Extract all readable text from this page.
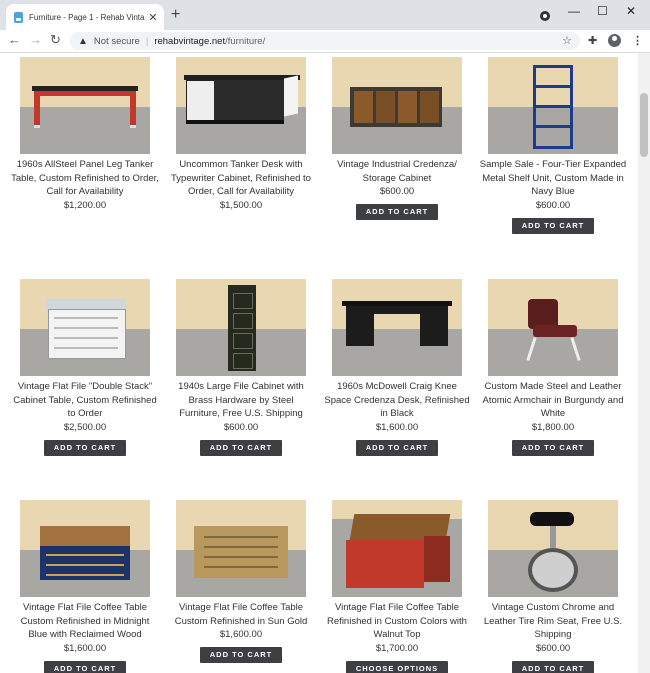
Furniture - Page 1 - Rehab Vinta ✕ +	— ☐ ✕
← → ↻ ▲ Not secure | rehabvintage.net /furniture/	☆ ✚	⋮
1960s AllSteel Panel Leg Tanker Table, Custom Refinished to Order, Call for Availability
$1,200.00
Uncommon Tanker Desk with Typewriter Cabinet, Refinished to Order, Call for Availability
$1,500.00
Vintage Industrial Credenza/ Storage Cabinet
$600.00
ADD TO CART
Sample Sale - Four-Tier Expanded Metal Shelf Unit, Custom Made in Navy Blue
$600.00
ADD TO CART
Vintage Flat File "Double Stack" Cabinet Table, Custom Refinished to Order
$2,500.00
ADD TO CART
1940s Large File Cabinet with Brass Hardware by Steel Furniture, Free U.S. Shipping
$600.00
ADD TO CART
1960s McDowell Craig Knee Space Credenza Desk, Refinished in Black
$1,600.00
ADD TO CART
Custom Made Steel and Leather Atomic Armchair in Burgundy and White
$1,800.00
ADD TO CART
Vintage Flat File Coffee Table Custom Refinished in Midnight Blue with Reclaimed Wood
$1,600.00
ADD TO CART
Vintage Flat File Coffee Table Custom Refinished in Sun Gold
$1,600.00
ADD TO CART
Vintage Flat File Coffee Table Refinished in Custom Colors with Walnut Top
$1,700.00
CHOOSE OPTIONS
Vintage Custom Chrome and Leather Tire Rim Seat, Free U.S. Shipping
$600.00
ADD TO CART
